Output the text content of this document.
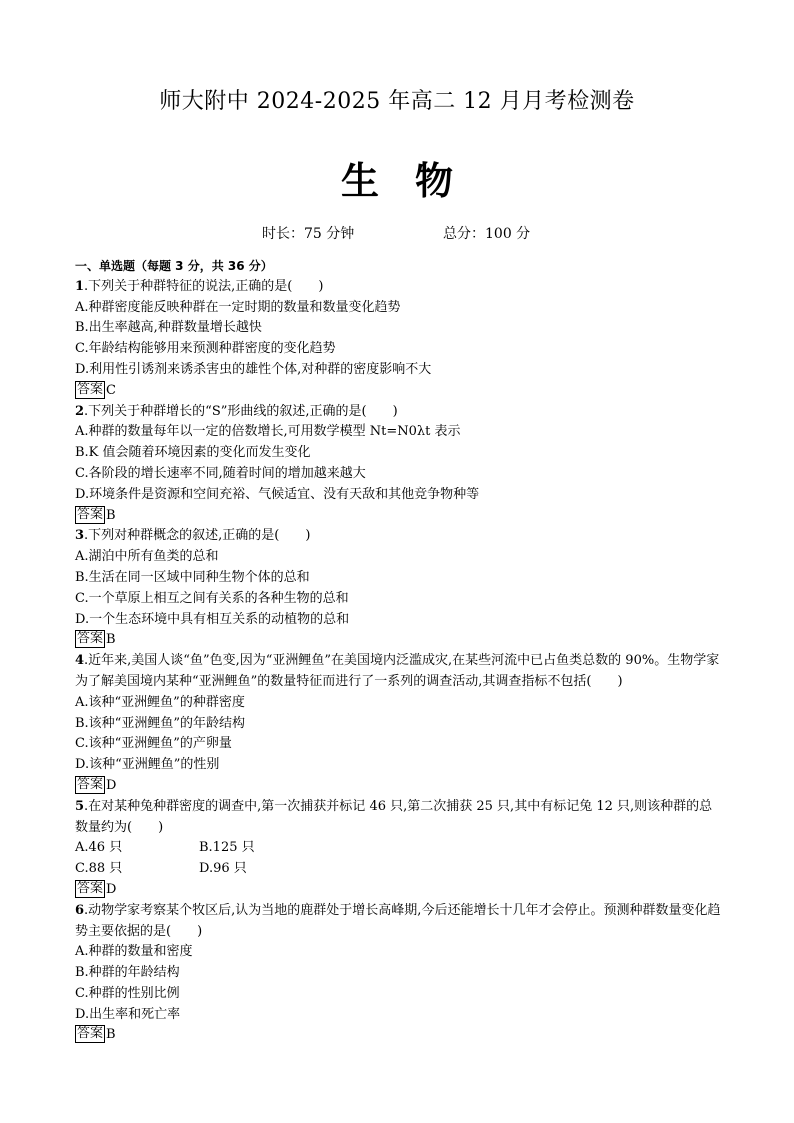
师大附中 2024-2025 年高二 12 月月考检测卷
生物
时长：75 分钟	总分：100 分
一、单选题（每题 3 分，共 36 分）
1.下列关于种群特征的说法,正确的是(　　)
A.种群密度能反映种群在一定时期的数量和数量变化趋势
B.出生率越高,种群数量增长越快
C.年龄结构能够用来预测种群密度的变化趋势
D.利用性引诱剂来诱杀害虫的雄性个体,对种群的密度影响不大
答案 C
2.下列关于种群增长的“S”形曲线的叙述,正确的是(　　)
A.种群的数量每年以一定的倍数增长,可用数学模型 Nt=N0λt 表示
B.K 值会随着环境因素的变化而发生变化
C.各阶段的增长速率不同,随着时间的增加越来越大
D.环境条件是资源和空间充裕、气候适宜、没有天敌和其他竞争物种等
答案 B
3.下列对种群概念的叙述,正确的是(　　)
A.湖泊中所有鱼类的总和
B.生活在同一区域中同种生物个体的总和
C.一个草原上相互之间有关系的各种生物的总和
D.一个生态环境中具有相互关系的动植物的总和
答案 B
4.近年来,美国人谈“鱼”色变,因为“亚洲鲤鱼”在美国境内泛滥成灾,在某些河流中已占鱼类总数的 90%。生物学家为了解美国境内某种“亚洲鲤鱼”的数量特征而进行了一系列的调查活动,其调查指标不包括(　　)
A.该种“亚洲鲤鱼”的种群密度
B.该种“亚洲鲤鱼”的年龄结构
C.该种“亚洲鲤鱼”的产卵量
D.该种“亚洲鲤鱼”的性别
答案 D
5.在对某种兔种群密度的调查中,第一次捕获并标记 46 只,第二次捕获 25 只,其中有标记兔 12 只,则该种群的总数量约为(　　)
A.46 只	B.125 只
C.88 只	D.96 只
答案 D
6.动物学家考察某个牧区后,认为当地的鹿群处于增长高峰期,今后还能增长十几年才会停止。预测种群数量变化趋势主要依据的是(　　)
A.种群的数量和密度
B.种群的年龄结构
C.种群的性别比例
D.出生率和死亡率
答案 B
